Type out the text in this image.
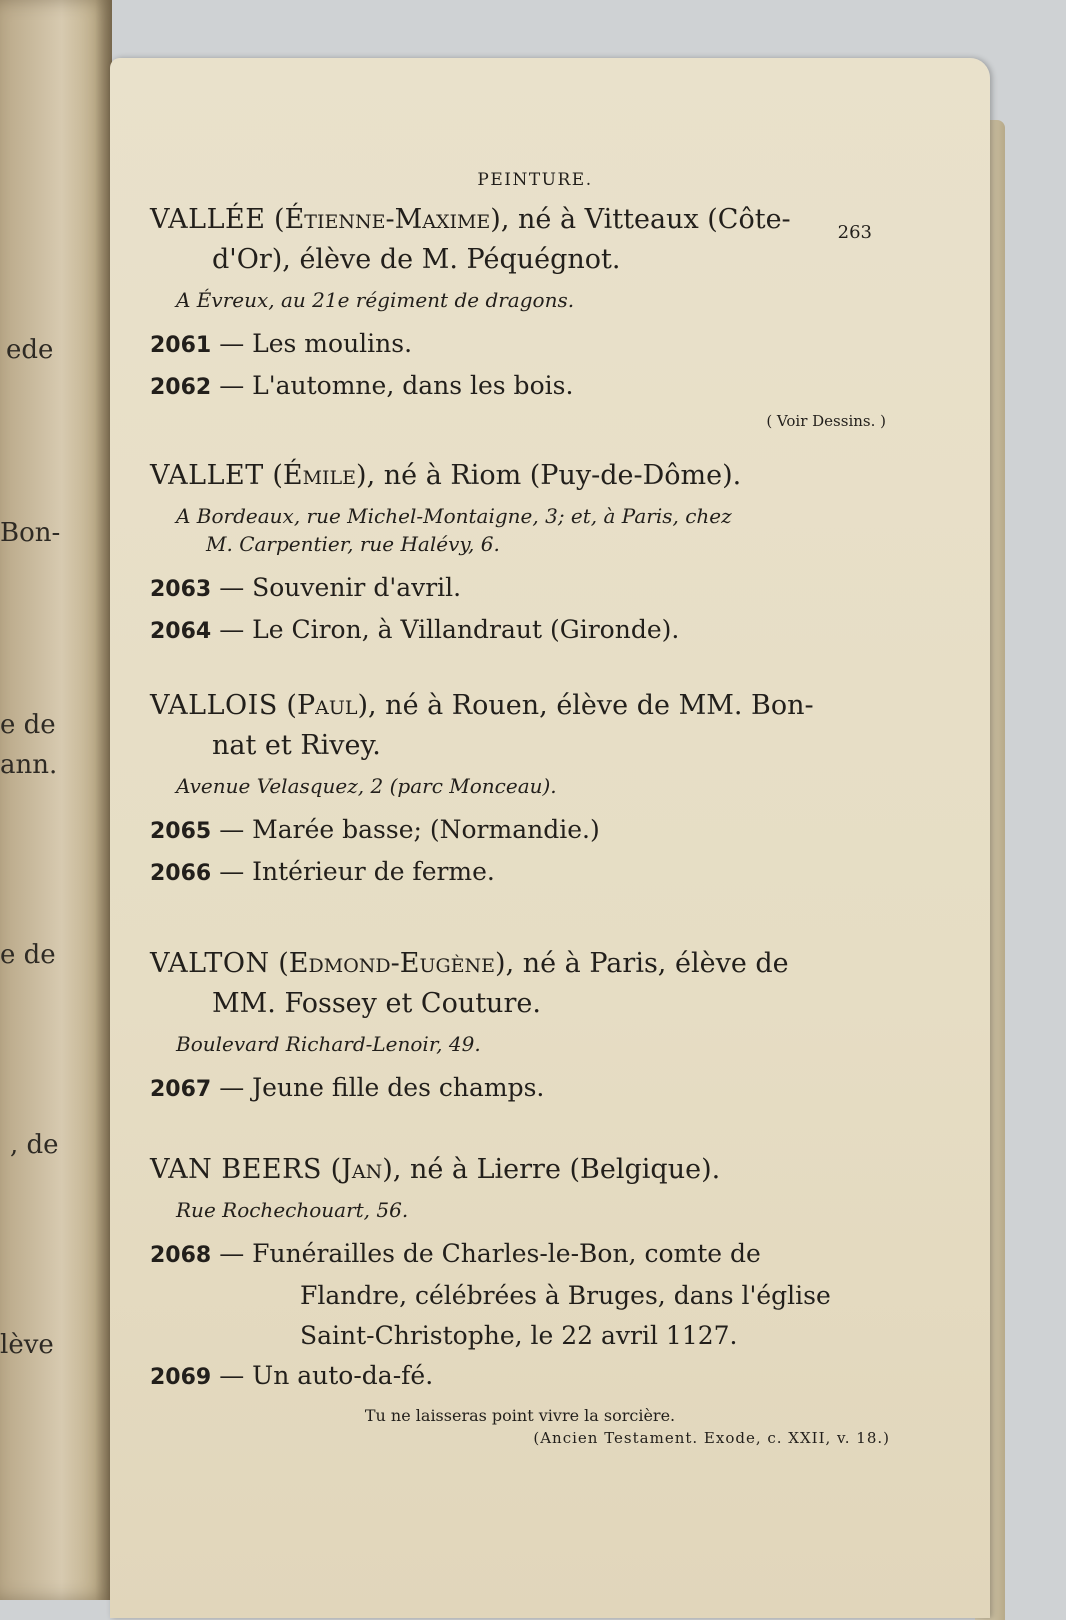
ede
Bon-
e de
ann.
e de
, de
lève
PEINTURE.
263
VALLÉE (Étienne-Maxime), né à Vitteaux (Côte-
d'Or), élève de M. Péquégnot.
A Évreux, au 21e régiment de dragons.
2061 — Les moulins.
2062 — L'automne, dans les bois.
( Voir Dessins. )
VALLET (Émile), né à Riom (Puy-de-Dôme).
A Bordeaux, rue Michel-Montaigne, 3; et, à Paris, chez
M. Carpentier, rue Halévy, 6.
2063 — Souvenir d'avril.
2064 — Le Ciron, à Villandraut (Gironde).
VALLOIS (Paul), né à Rouen, élève de MM. Bon-
nat et Rivey.
Avenue Velasquez, 2 (parc Monceau).
2065 — Marée basse; (Normandie.)
2066 — Intérieur de ferme.
VALTON (Edmond-Eugène), né à Paris, élève de
MM. Fossey et Couture.
Boulevard Richard-Lenoir, 49.
2067 — Jeune fille des champs.
VAN BEERS (Jan), né à Lierre (Belgique).
Rue Rochechouart, 56.
2068 — Funérailles de Charles-le-Bon, comte de
Flandre, célébrées à Bruges, dans l'église
Saint-Christophe, le 22 avril 1127.
2069 — Un auto-da-fé.
Tu ne laisseras point vivre la sorcière.
(Ancien Testament. Exode, c. XXII, v. 18.)
